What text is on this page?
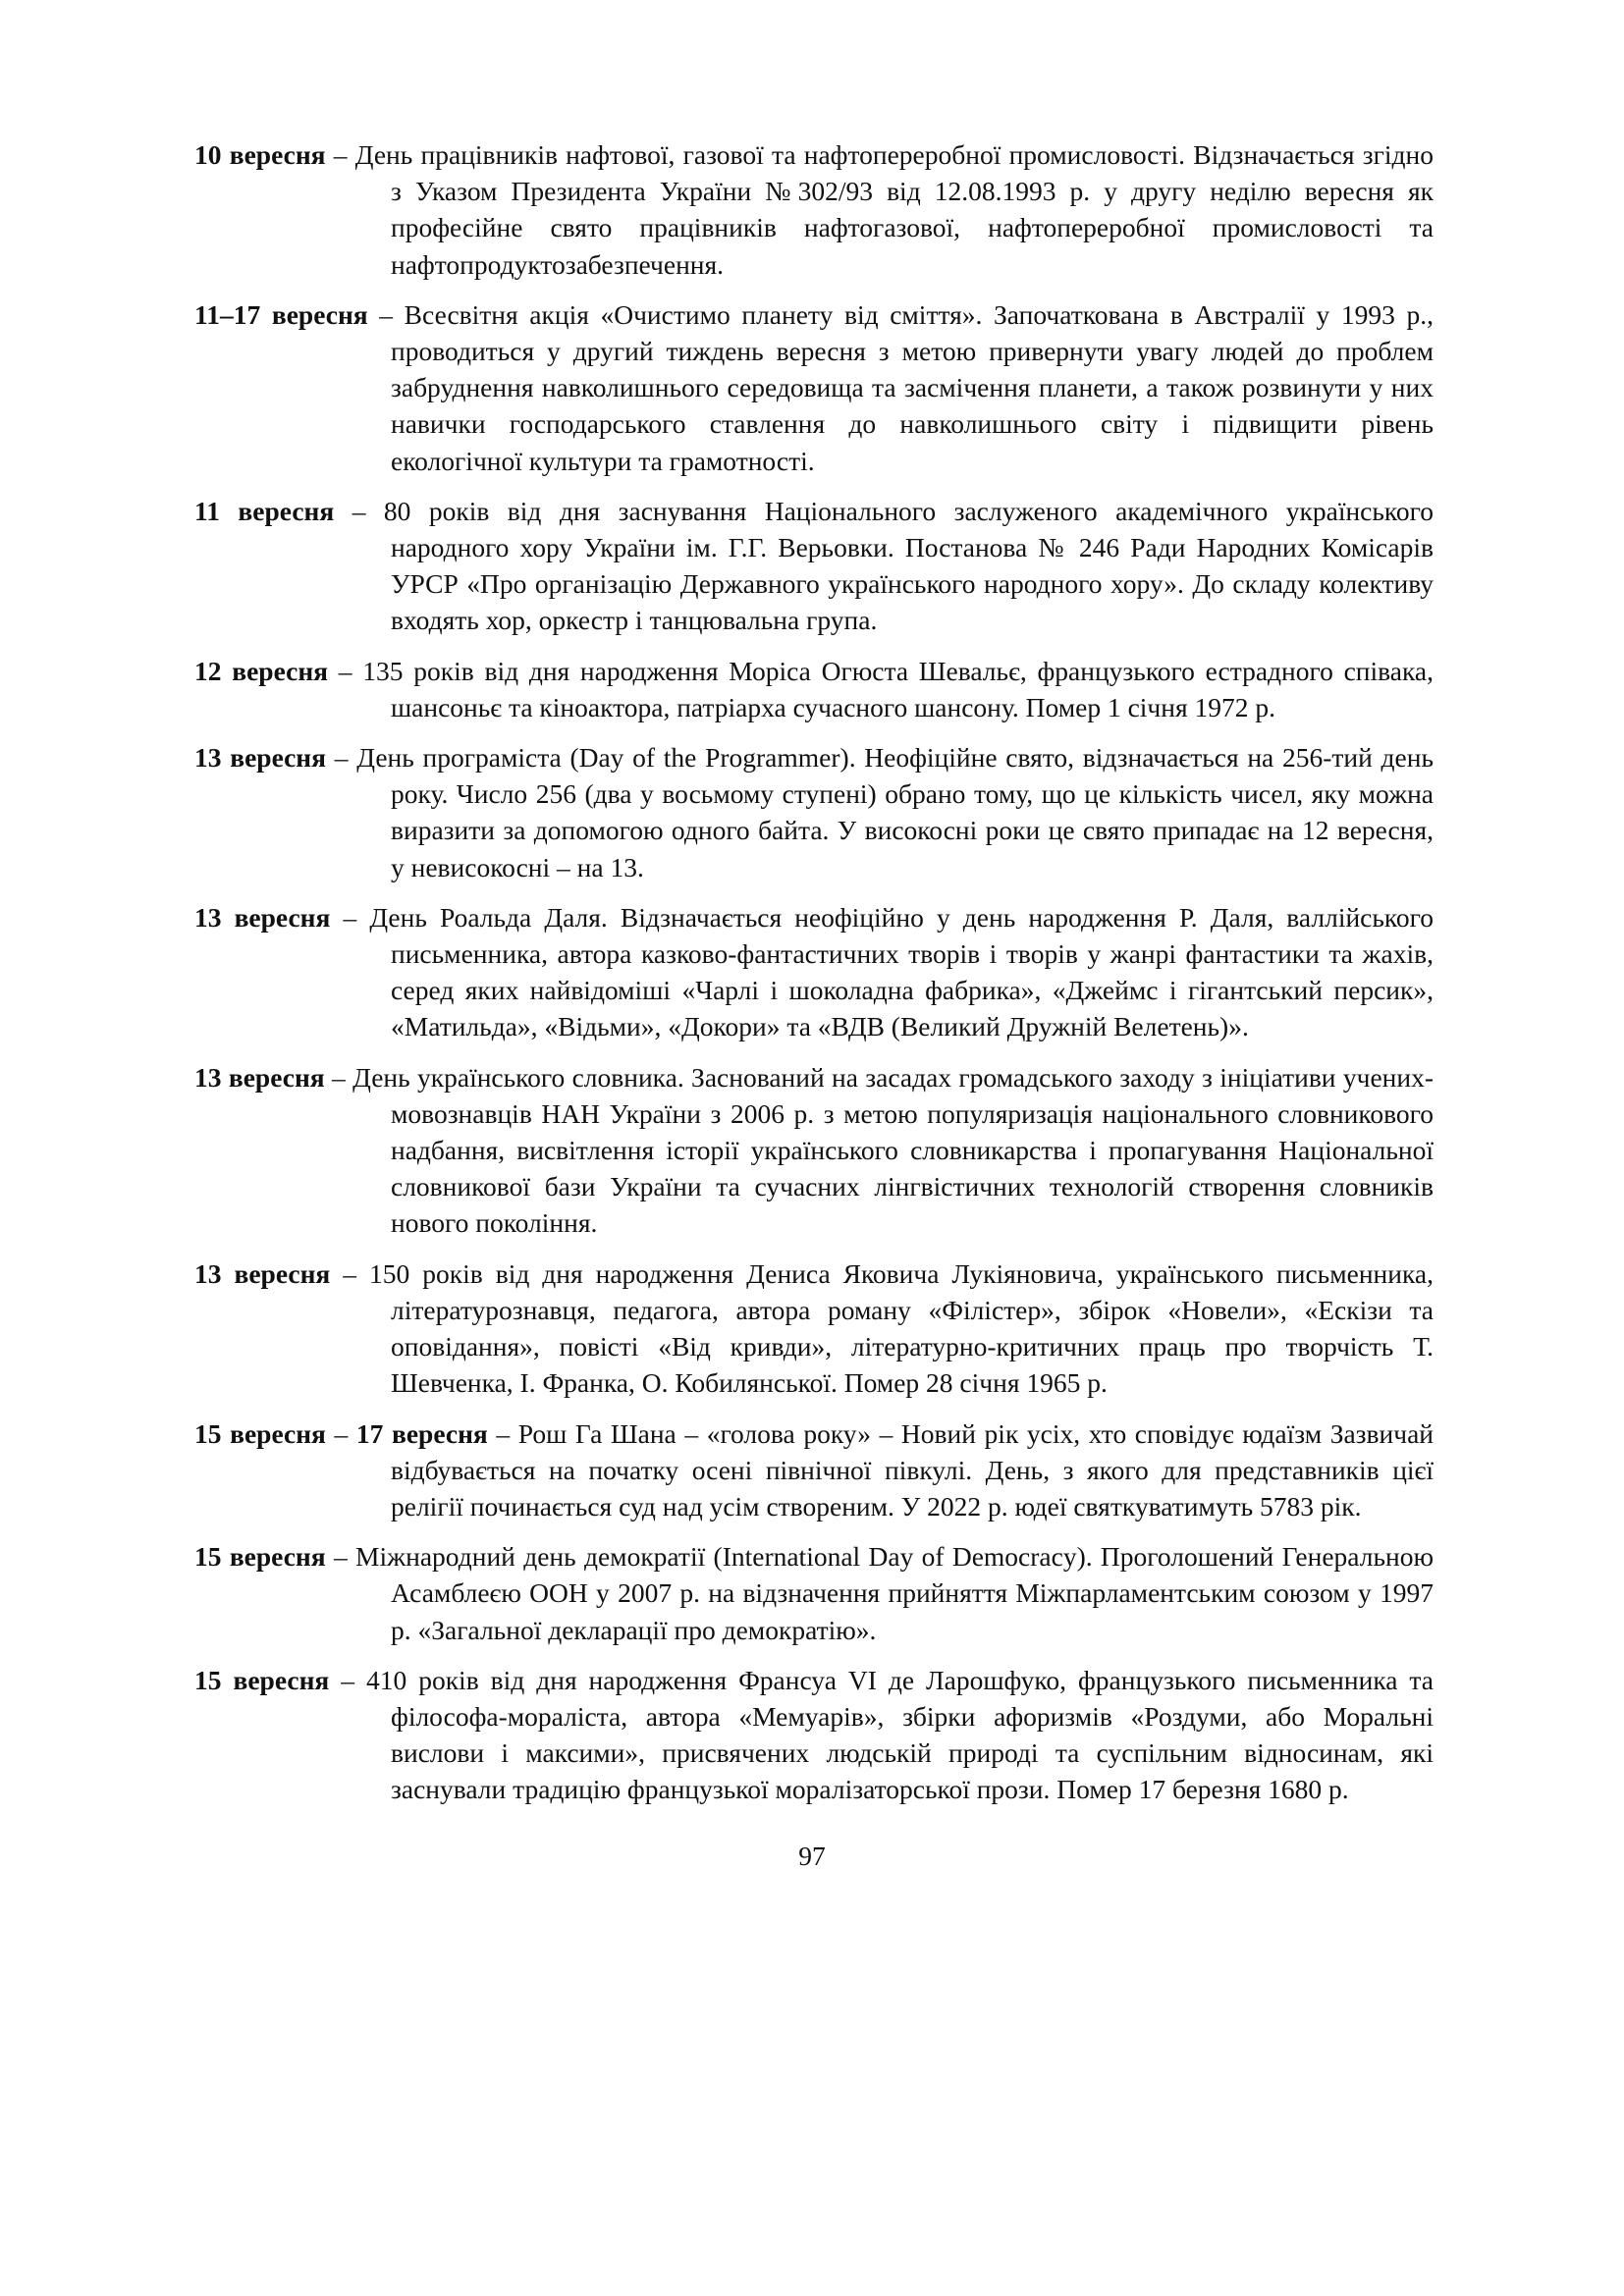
10 вересня – День працівників нафтової, газової та нафтопереробної промисловості. Відзначається згідно з Указом Президента України №302/93 від 12.08.1993 р. у другу неділю вересня як професійне свято працівників нафтогазової, нафтопереробної промисловості та нафтопродуктозабезпечення.

11–17 вересня – Всесвітня акція «Очистимо планету від сміття». Започаткована в Австралії у 1993 р., проводиться у другий тиждень вересня з метою привернути увагу людей до проблем забруднення навколишнього середовища та засмічення планети, а також розвинути у них навички господарського ставлення до навколишнього світу і підвищити рівень екологічної культури та грамотності.

11 вересня – 80 років від дня заснування Національного заслуженого академічного українського народного хору України ім. Г.Г. Верьовки. Постанова № 246 Ради Народних Комісарів УРСР «Про організацію Державного українського народного хору». До складу колективу входять хор, оркестр і танцювальна група.

12 вересня – 135 років від дня народження Моріса Огюста Шевальє, французького естрадного співака, шансоньє та кіноактора, патріарха сучасного шансону. Помер 1 січня 1972 р.

13 вересня – День програміста (Day of the Programmer). Неофіційне свято, відзначається на 256-тий день року. Число 256 (два у восьмому ступені) обрано тому, що це кількість чисел, яку можна виразити за допомогою одного байта. У високосні роки це свято припадає на 12 вересня, у невисокосні – на 13.

13 вересня – День Роальда Даля. Відзначається неофіційно у день народження Р. Даля, валлійського письменника, автора казково-фантастичних творів і творів у жанрі фантастики та жахів, серед яких найвідоміші «Чарлі і шоколадна фабрика», «Джеймс і гігантський персик», «Матильда», «Відьми», «Докори» та «ВДВ (Великий Дружній Велетень)».

13 вересня – День українського словника. Заснований на засадах громадського заходу з ініціативи учених-мовознавців НАН України з 2006 р. з метою популяризація національного словникового надбання, висвітлення історії українського словникарства і пропагування Національної словникової бази України та сучасних лінгвістичних технологій створення словників нового покоління.

13 вересня – 150 років від дня народження Дениса Яковича Лукіяновича, українського письменника, літературознавця, педагога, автора роману «Філістер», збірок «Новели», «Ескізи та оповідання», повісті «Від кривди», літературно-критичних праць про творчість Т. Шевченка, І. Франка, О. Кобилянської. Помер 28 січня 1965 р.

15 вересня – 17 вересня – Рош Га Шана – «голова року» – Новий рік усіх, хто сповідує юдаїзм Зазвичай відбувається на початку осені північної півкулі. День, з якого для представників цієї релігії починається суд над усім створеним. У 2022 р. юдеї святкуватимуть 5783 рік.

15 вересня – Міжнародний день демократії (International Day of Democracy). Проголошений Генеральною Асамблеєю ООН у 2007 р. на відзначення прийняття Міжпарламентським союзом у 1997 р. «Загальної декларації про демократію».

15 вересня – 410 років від дня народження Франсуа VI де Ларошфуко, французького письменника та філософа-мораліста, автора «Мемуарів», збірки афоризмів «Роздуми, або Моральні вислови і максими», присвячених людській природі та суспільним відносинам, які заснували традицію французької моралізаторської прози. Помер 17 березня 1680 р.

97
